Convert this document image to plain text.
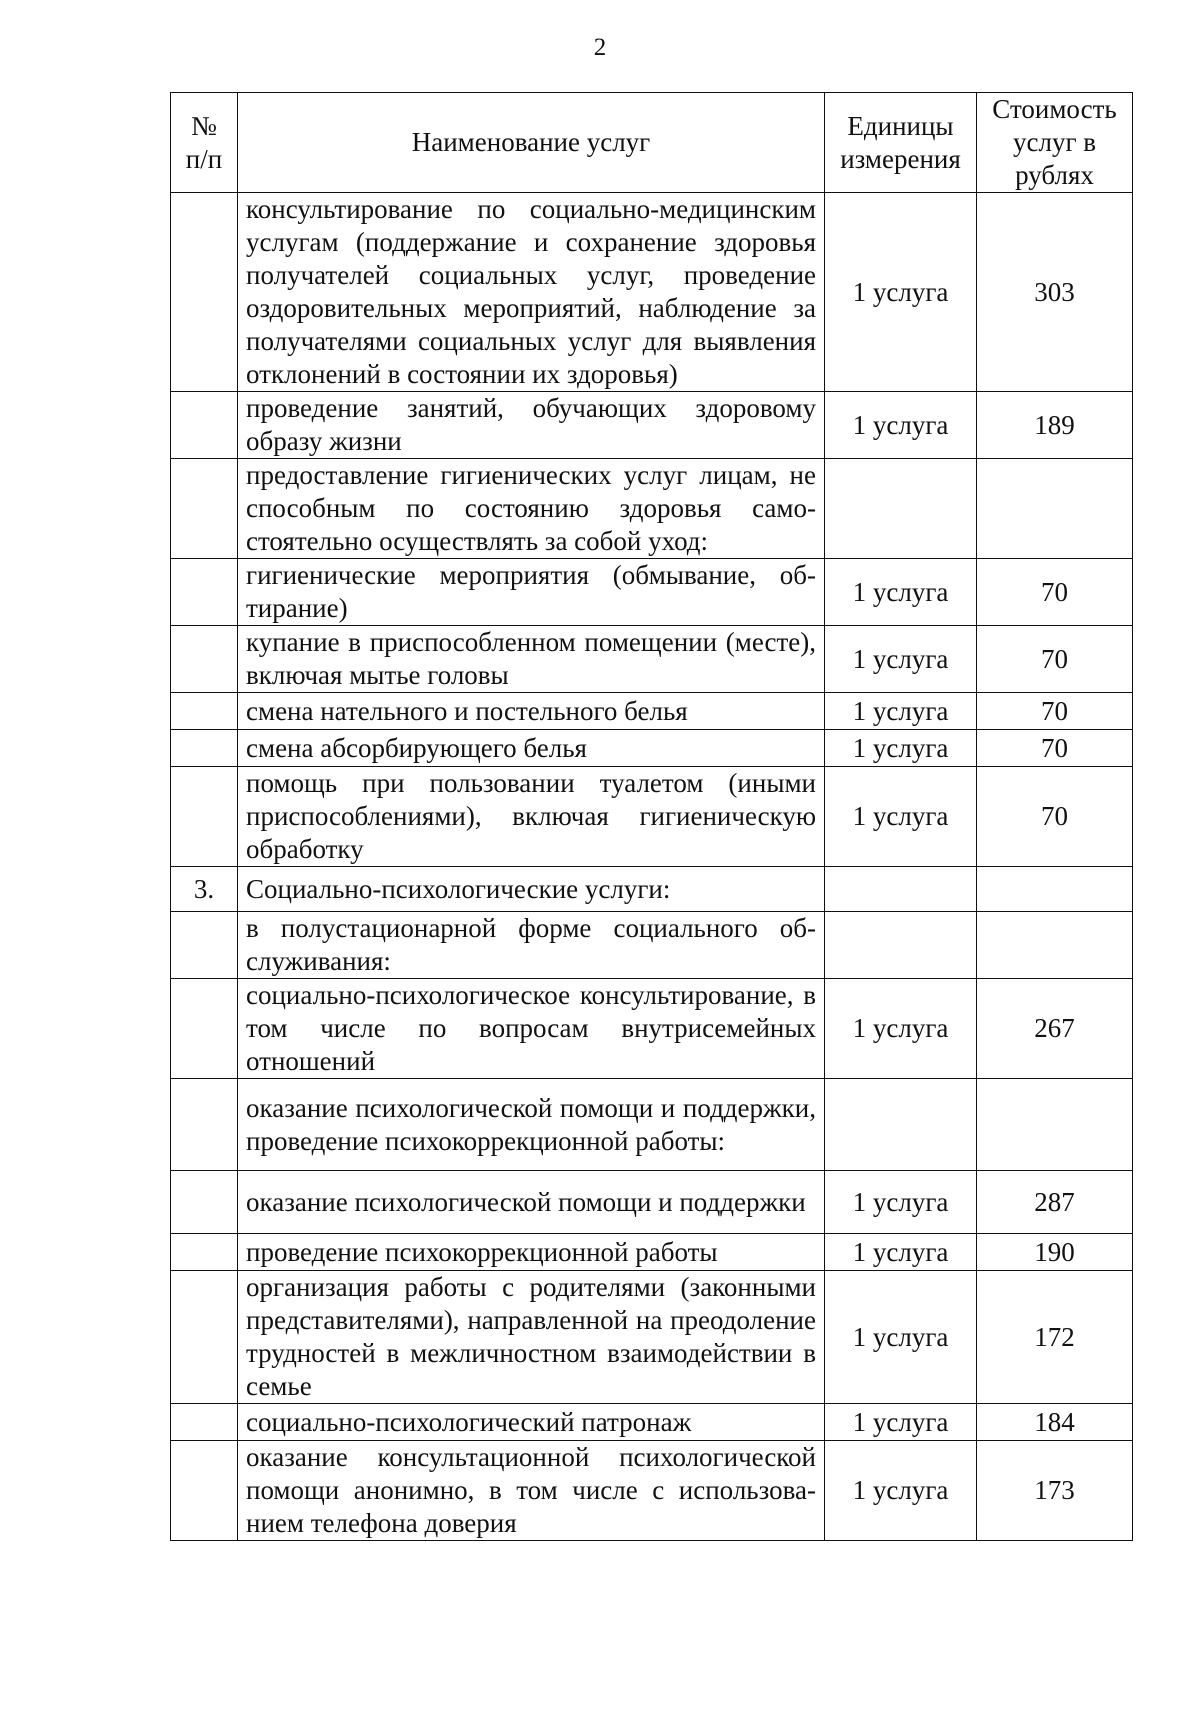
2
№ п/п	Наименование услуг	Единицы измерения	Стоимость услуг в рублях
	консультирование по социально-медицинским услугам (поддержание и сохранение здоровья получателей социальных услуг, проведение оздоровительных мероприятий, наблюдение за получателями социальных услуг для выявления отклонений в состоянии их здоровья)	1 услуга	303
	проведение занятий, обучающих здоровому образу жизни	1 услуга	189
	предоставление гигиенических услуг лицам, не способным по состоянию здоровья самостоятельно осуществлять за собой уход:		
	гигиенические мероприятия (обмывание, обтирание)	1 услуга	70
	купание в приспособленном помещении (месте), включая мытье головы	1 услуга	70
	смена нательного и постельного белья	1 услуга	70
	смена абсорбирующего белья	1 услуга	70
	помощь при пользовании туалетом (иными приспособлениями), включая гигиеническую обработку	1 услуга	70
3.	Социально-психологические услуги:		
	в полустационарной форме социального обслуживания:		
	социально-психологическое консультирование, в том числе по вопросам внутрисемейных отношений	1 услуга	267
	оказание психологической помощи и поддержки, проведение психокоррекционной работы:		
	оказание психологической помощи и поддержки	1 услуга	287
	проведение психокоррекционной работы	1 услуга	190
	организация работы с родителями (законными представителями), направленной на преодоление трудностей в межличностном взаимодействии в семье	1 услуга	172
	социально-психологический патронаж	1 услуга	184
	оказание консультационной психологической помощи анонимно, в том числе с использованием телефона доверия	1 услуга	173
